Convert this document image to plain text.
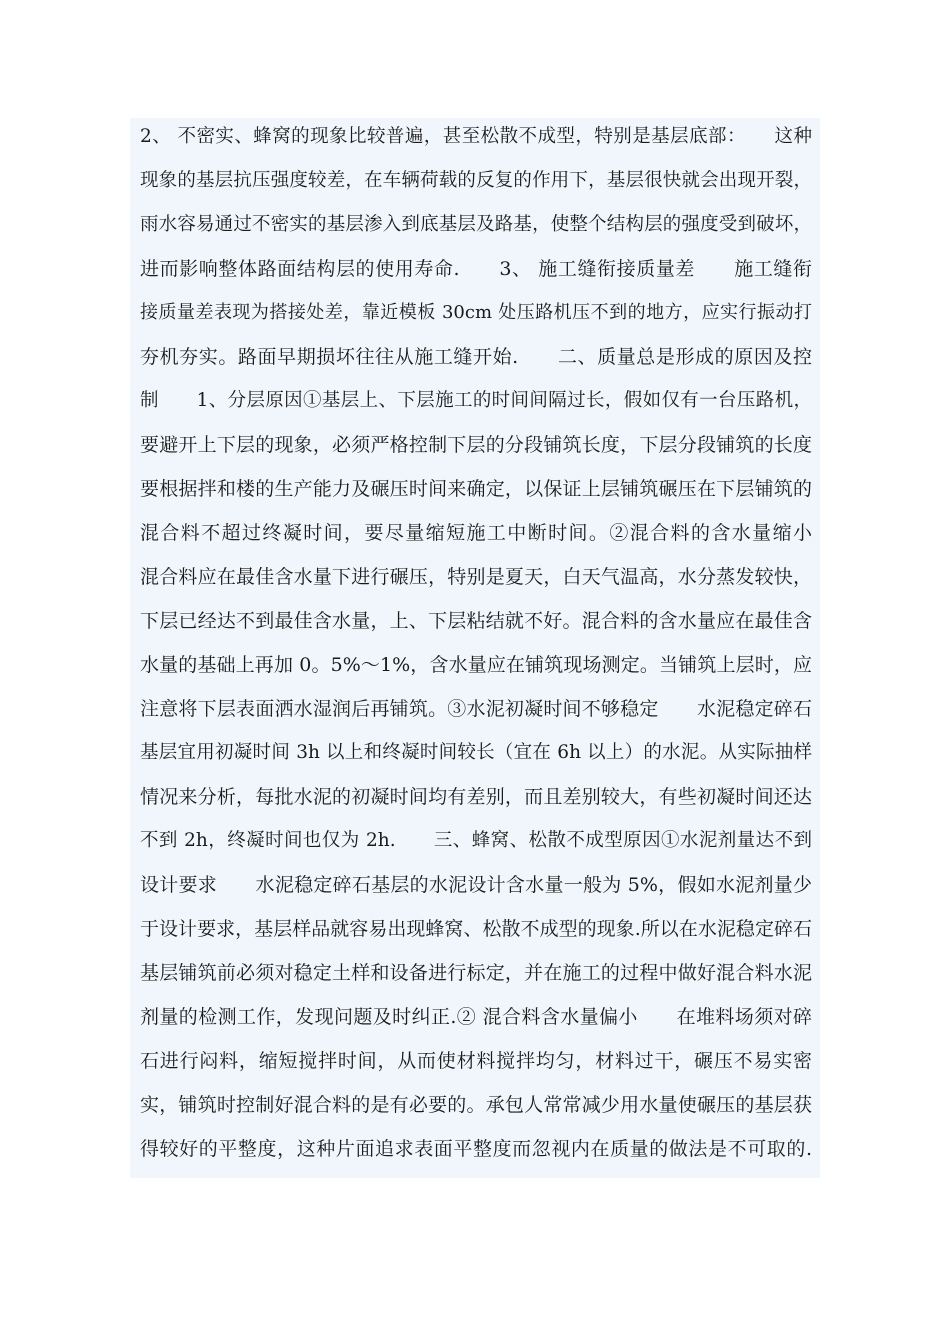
2、 不密实、蜂窝的现象比较普遍，甚至松散不成型，特别是基层底部：　　这种
现象的基层抗压强度较差，在车辆荷载的反复的作用下，基层很快就会出现开裂，
雨水容易通过不密实的基层渗入到底基层及路基，使整个结构层的强度受到破坏，
进而影响整体路面结构层的使用寿命.　　3、 施工缝衔接质量差　　施工缝衔
接质量差表现为搭接处差，靠近模板 30cm 处压路机压不到的地方，应实行振动打
夯机夯实。路面早期损坏往往从施工缝开始.　　二、质量总是形成的原因及控
制　　1、分层原因①基层上、下层施工的时间间隔过长，假如仅有一台压路机，
要避开上下层的现象，必须严格控制下层的分段铺筑长度，下层分段铺筑的长度
要根据拌和楼的生产能力及碾压时间来确定，以保证上层铺筑碾压在下层铺筑的
混合料不超过终凝时间，要尽量缩短施工中断时间。②混合料的含水量缩小
混合料应在最佳含水量下进行碾压，特别是夏天，白天气温高，水分蒸发较快，
下层已经达不到最佳含水量，上、下层粘结就不好。混合料的含水量应在最佳含
水量的基础上再加 0。5%～1%，含水量应在铺筑现场测定。当铺筑上层时，应
注意将下层表面洒水湿润后再铺筑。③水泥初凝时间不够稳定　　水泥稳定碎石
基层宜用初凝时间 3h 以上和终凝时间较长（宜在 6h 以上）的水泥。从实际抽样
情况来分析，每批水泥的初凝时间均有差别，而且差别较大，有些初凝时间还达
不到 2h，终凝时间也仅为 2h.　　三、蜂窝、松散不成型原因①水泥剂量达不到
设计要求　　水泥稳定碎石基层的水泥设计含水量一般为 5%，假如水泥剂量少
于设计要求，基层样品就容易出现蜂窝、松散不成型的现象.所以在水泥稳定碎石
基层铺筑前必须对稳定土样和设备进行标定，并在施工的过程中做好混合料水泥
剂量的检测工作，发现问题及时纠正.② 混合料含水量偏小　　在堆料场须对碎
石进行闷料，缩短搅拌时间，从而使材料搅拌均匀，材料过干，碾压不易实密
实，铺筑时控制好混合料的是有必要的。承包人常常减少用水量使碾压的基层获
得较好的平整度，这种片面追求表面平整度而忽视内在质量的做法是不可取的.
